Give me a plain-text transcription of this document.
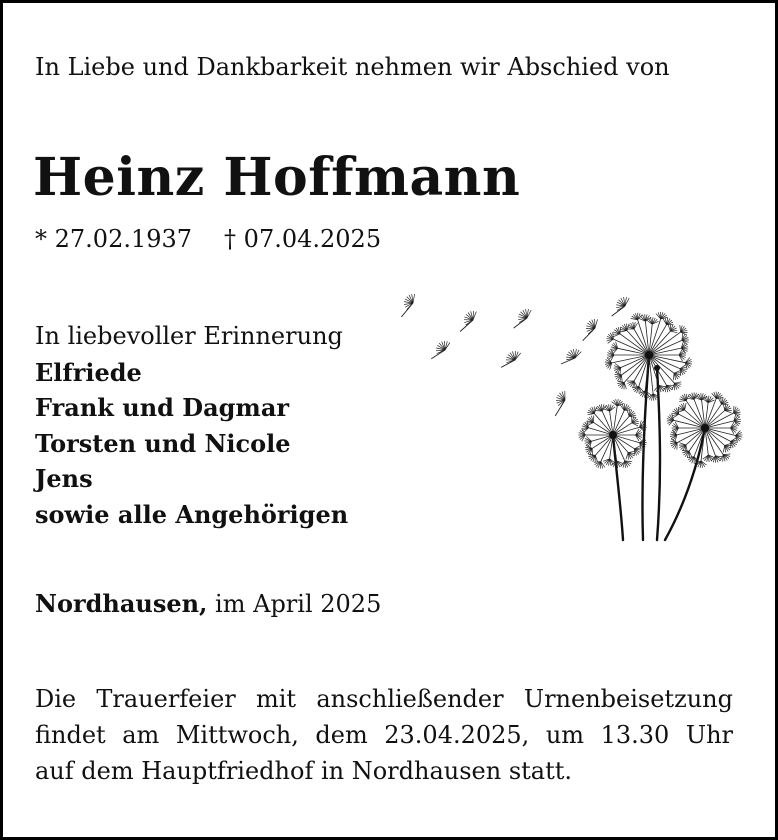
In Liebe und Dankbarkeit nehmen wir Abschied von

Heinz Hoffmann

* 27.02.1937 † 07.04.2025

In liebevoller Erinnerung
Elfriede
Frank und Dagmar
Torsten und Nicole
Jens
sowie alle Angehörigen

Nordhausen, im April 2025

Die Trauerfeier mit anschließender Urnenbeisetzung
findet am Mittwoch, dem 23.04.2025, um 13.30 Uhr
auf dem Hauptfriedhof in Nordhausen statt.
